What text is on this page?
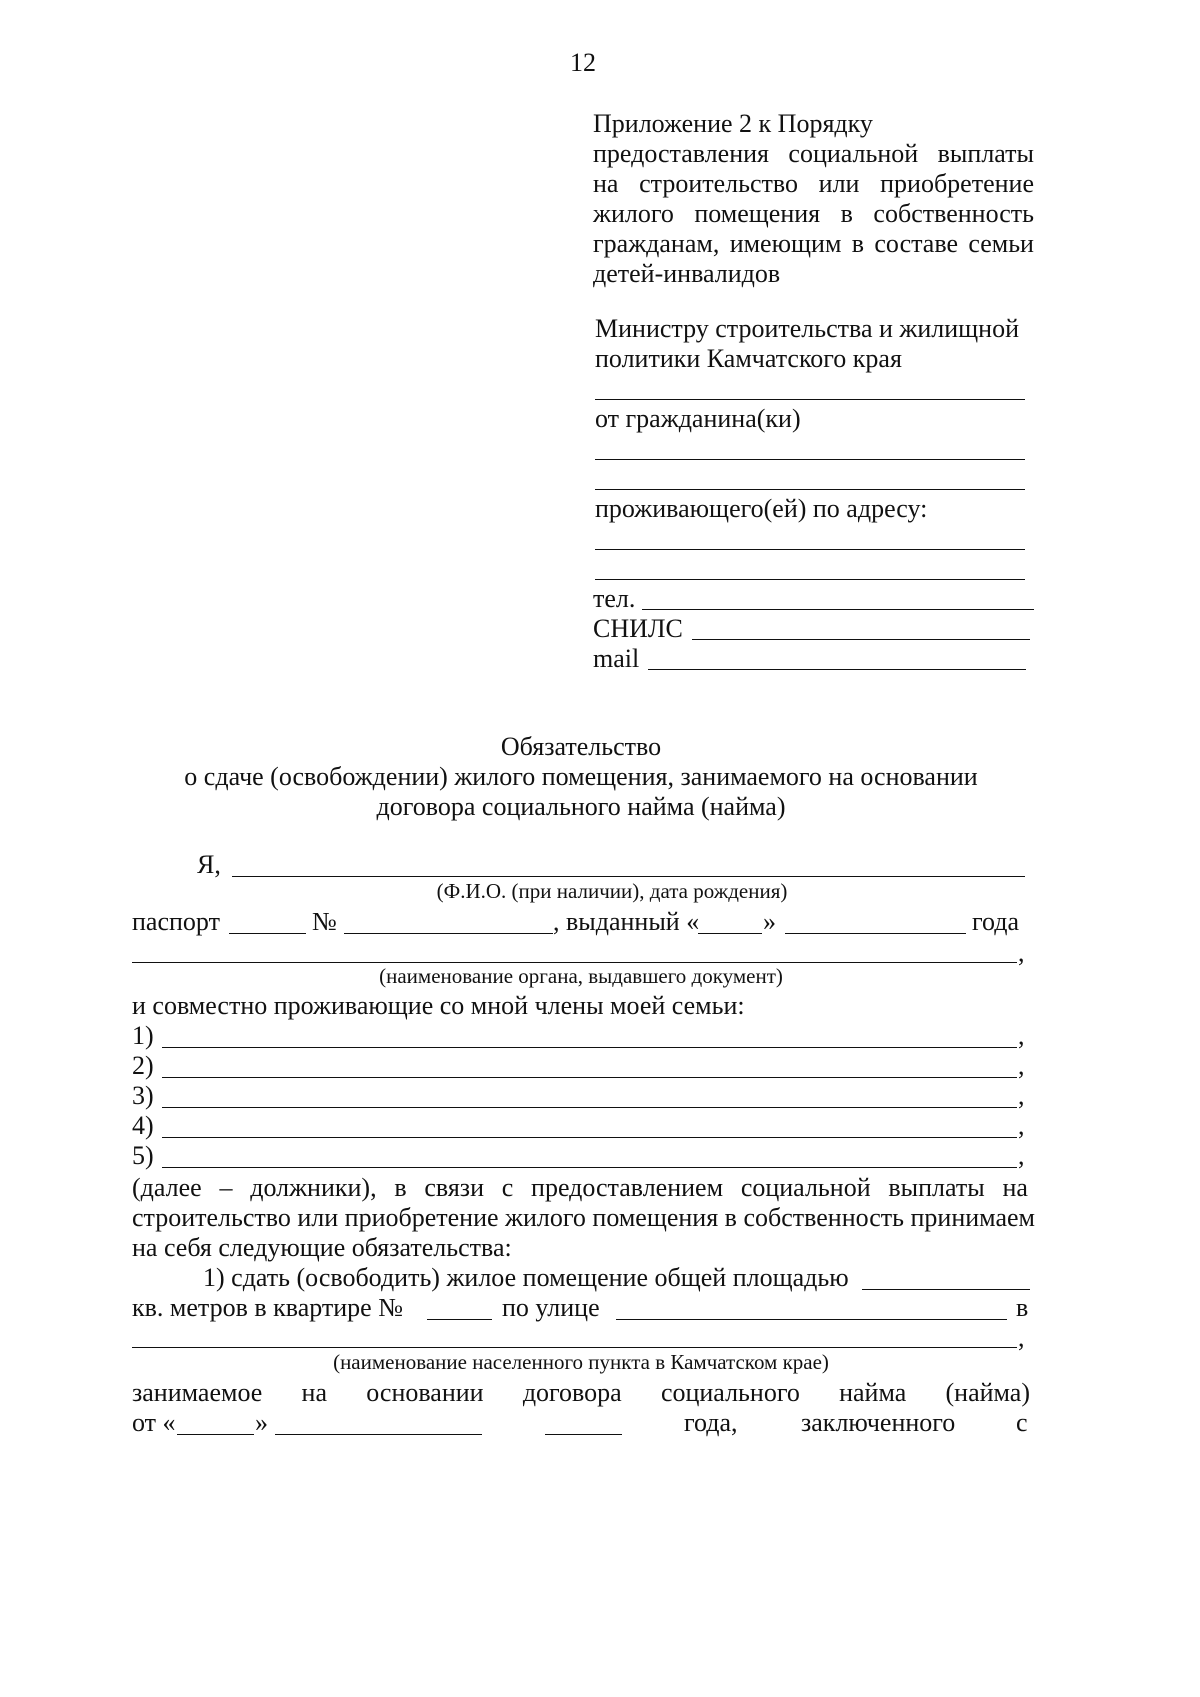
12
Приложение 2 к Порядку
предоставления социальной выплаты
на строительство или приобретение
жилого помещения в собственность
гражданам, имеющим в составе семьи
детей-инвалидов
Министру строительства и жилищной
политики Камчатского края
от гражданина(ки)
проживающего(ей) по адресу:
тел.
СНИЛС
mail
Обязательство
о сдаче (освобождении) жилого помещения, занимаемого на основании
договора социального найма (найма)
Я,
(Ф.И.О. (при наличии), дата рождения)
паспорт	№	, выданный « »	года
,
(наименование органа, выдавшего документ)
и совместно проживающие со мной члены моей семьи:
1)	,
2)	,
3)	,
4)	,
5)	,
(далее – должники), в связи с предоставлением социальной выплаты на
строительство или приобретение жилого помещения в собственность принимаем
на себя следующие обязательства:
1) сдать (освободить) жилое помещение общей площадью
кв. метров в квартире №	по улице	в
,
(наименование населенного пункта в Камчатском крае)
занимаемое на основании договора социального найма (найма)
от «	»	года, заключенного с
